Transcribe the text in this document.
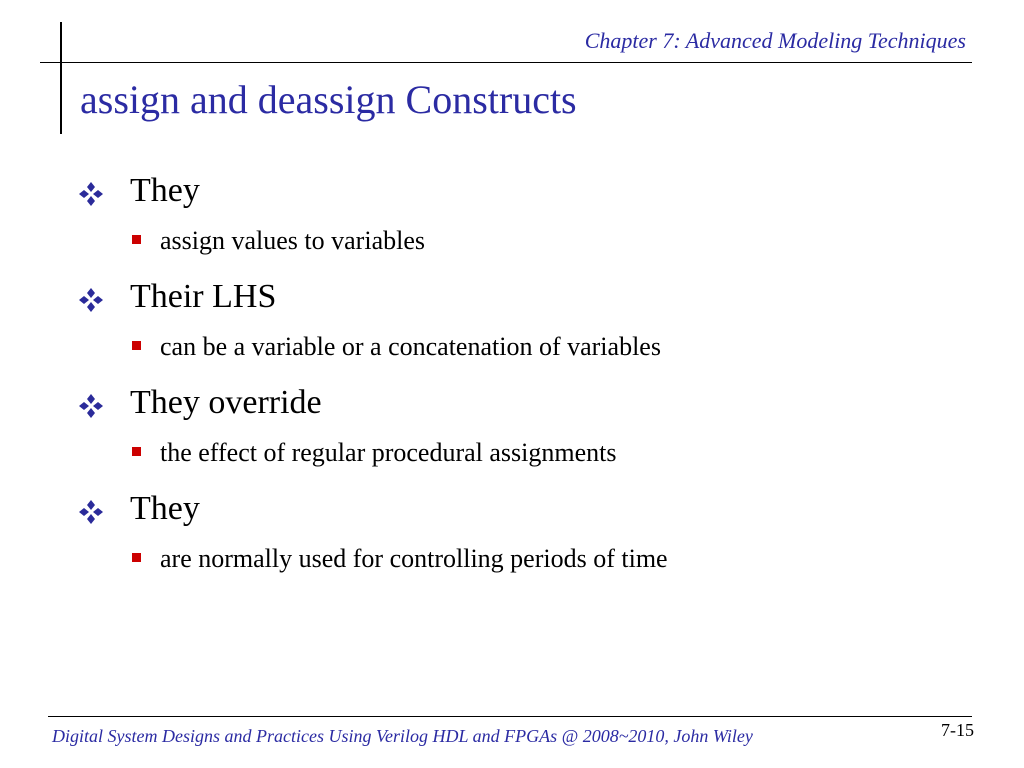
Chapter 7: Advanced Modeling Techniques
assign and deassign Constructs
They
assign values to variables
Their LHS
can be a variable or a concatenation of variables
They override
the effect of regular procedural assignments
They
are normally used for controlling periods of time
Digital System Designs and Practices Using Verilog HDL and FPGAs @ 2008~2010, John Wiley	7-15
